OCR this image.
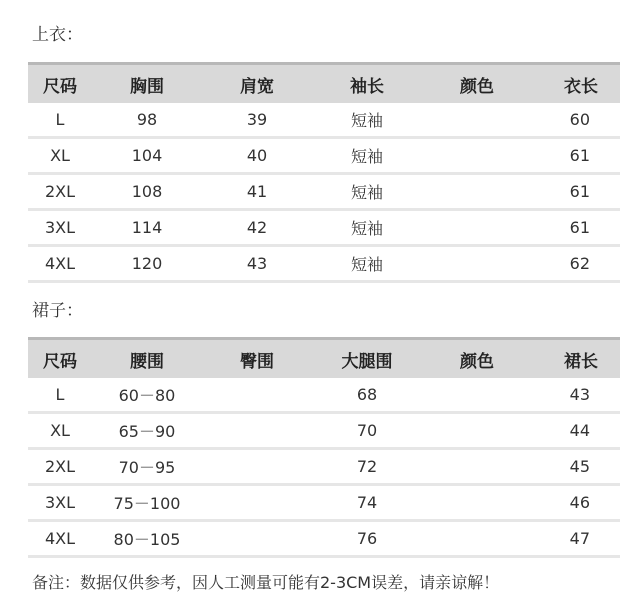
上衣：
尺码	胸围	肩宽	袖长	颜色	衣长
L	98	39	短袖		60
XL	104	40	短袖		61
2XL	108	41	短袖		61
3XL	114	42	短袖		61
4XL	120	43	短袖		62
裙子：
尺码	腰围	臀围	大腿围	颜色	裙长
L	60－80		68		43
XL	65－90		70		44
2XL	70－95		72		45
3XL	75－100		74		46
4XL	80－105		76		47
备注：数据仅供参考，因人工测量可能有2-3CM误差，请亲谅解！
